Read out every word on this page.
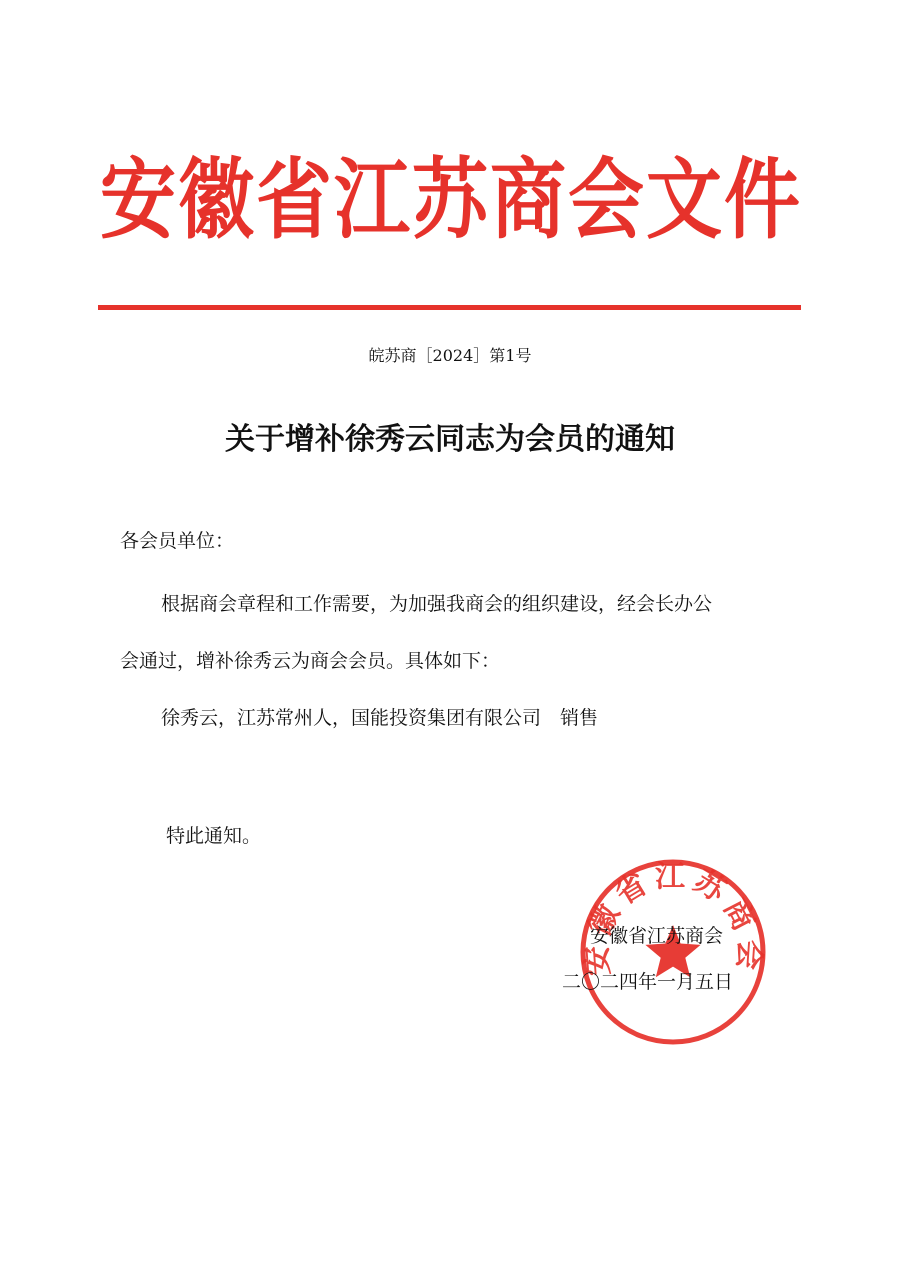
安徽省江苏商会文件
皖苏商［2024］第1号
关于增补徐秀云同志为会员的通知
各会员单位：
根据商会章程和工作需要，为加强我商会的组织建设，经会长办公
会通过，增补徐秀云为商会会员。具体如下：
徐秀云，江苏常州人，国能投资集团有限公司　销售
特此通知。
安徽省江苏商会
安徽省江苏商会
二〇二四年一月五日
